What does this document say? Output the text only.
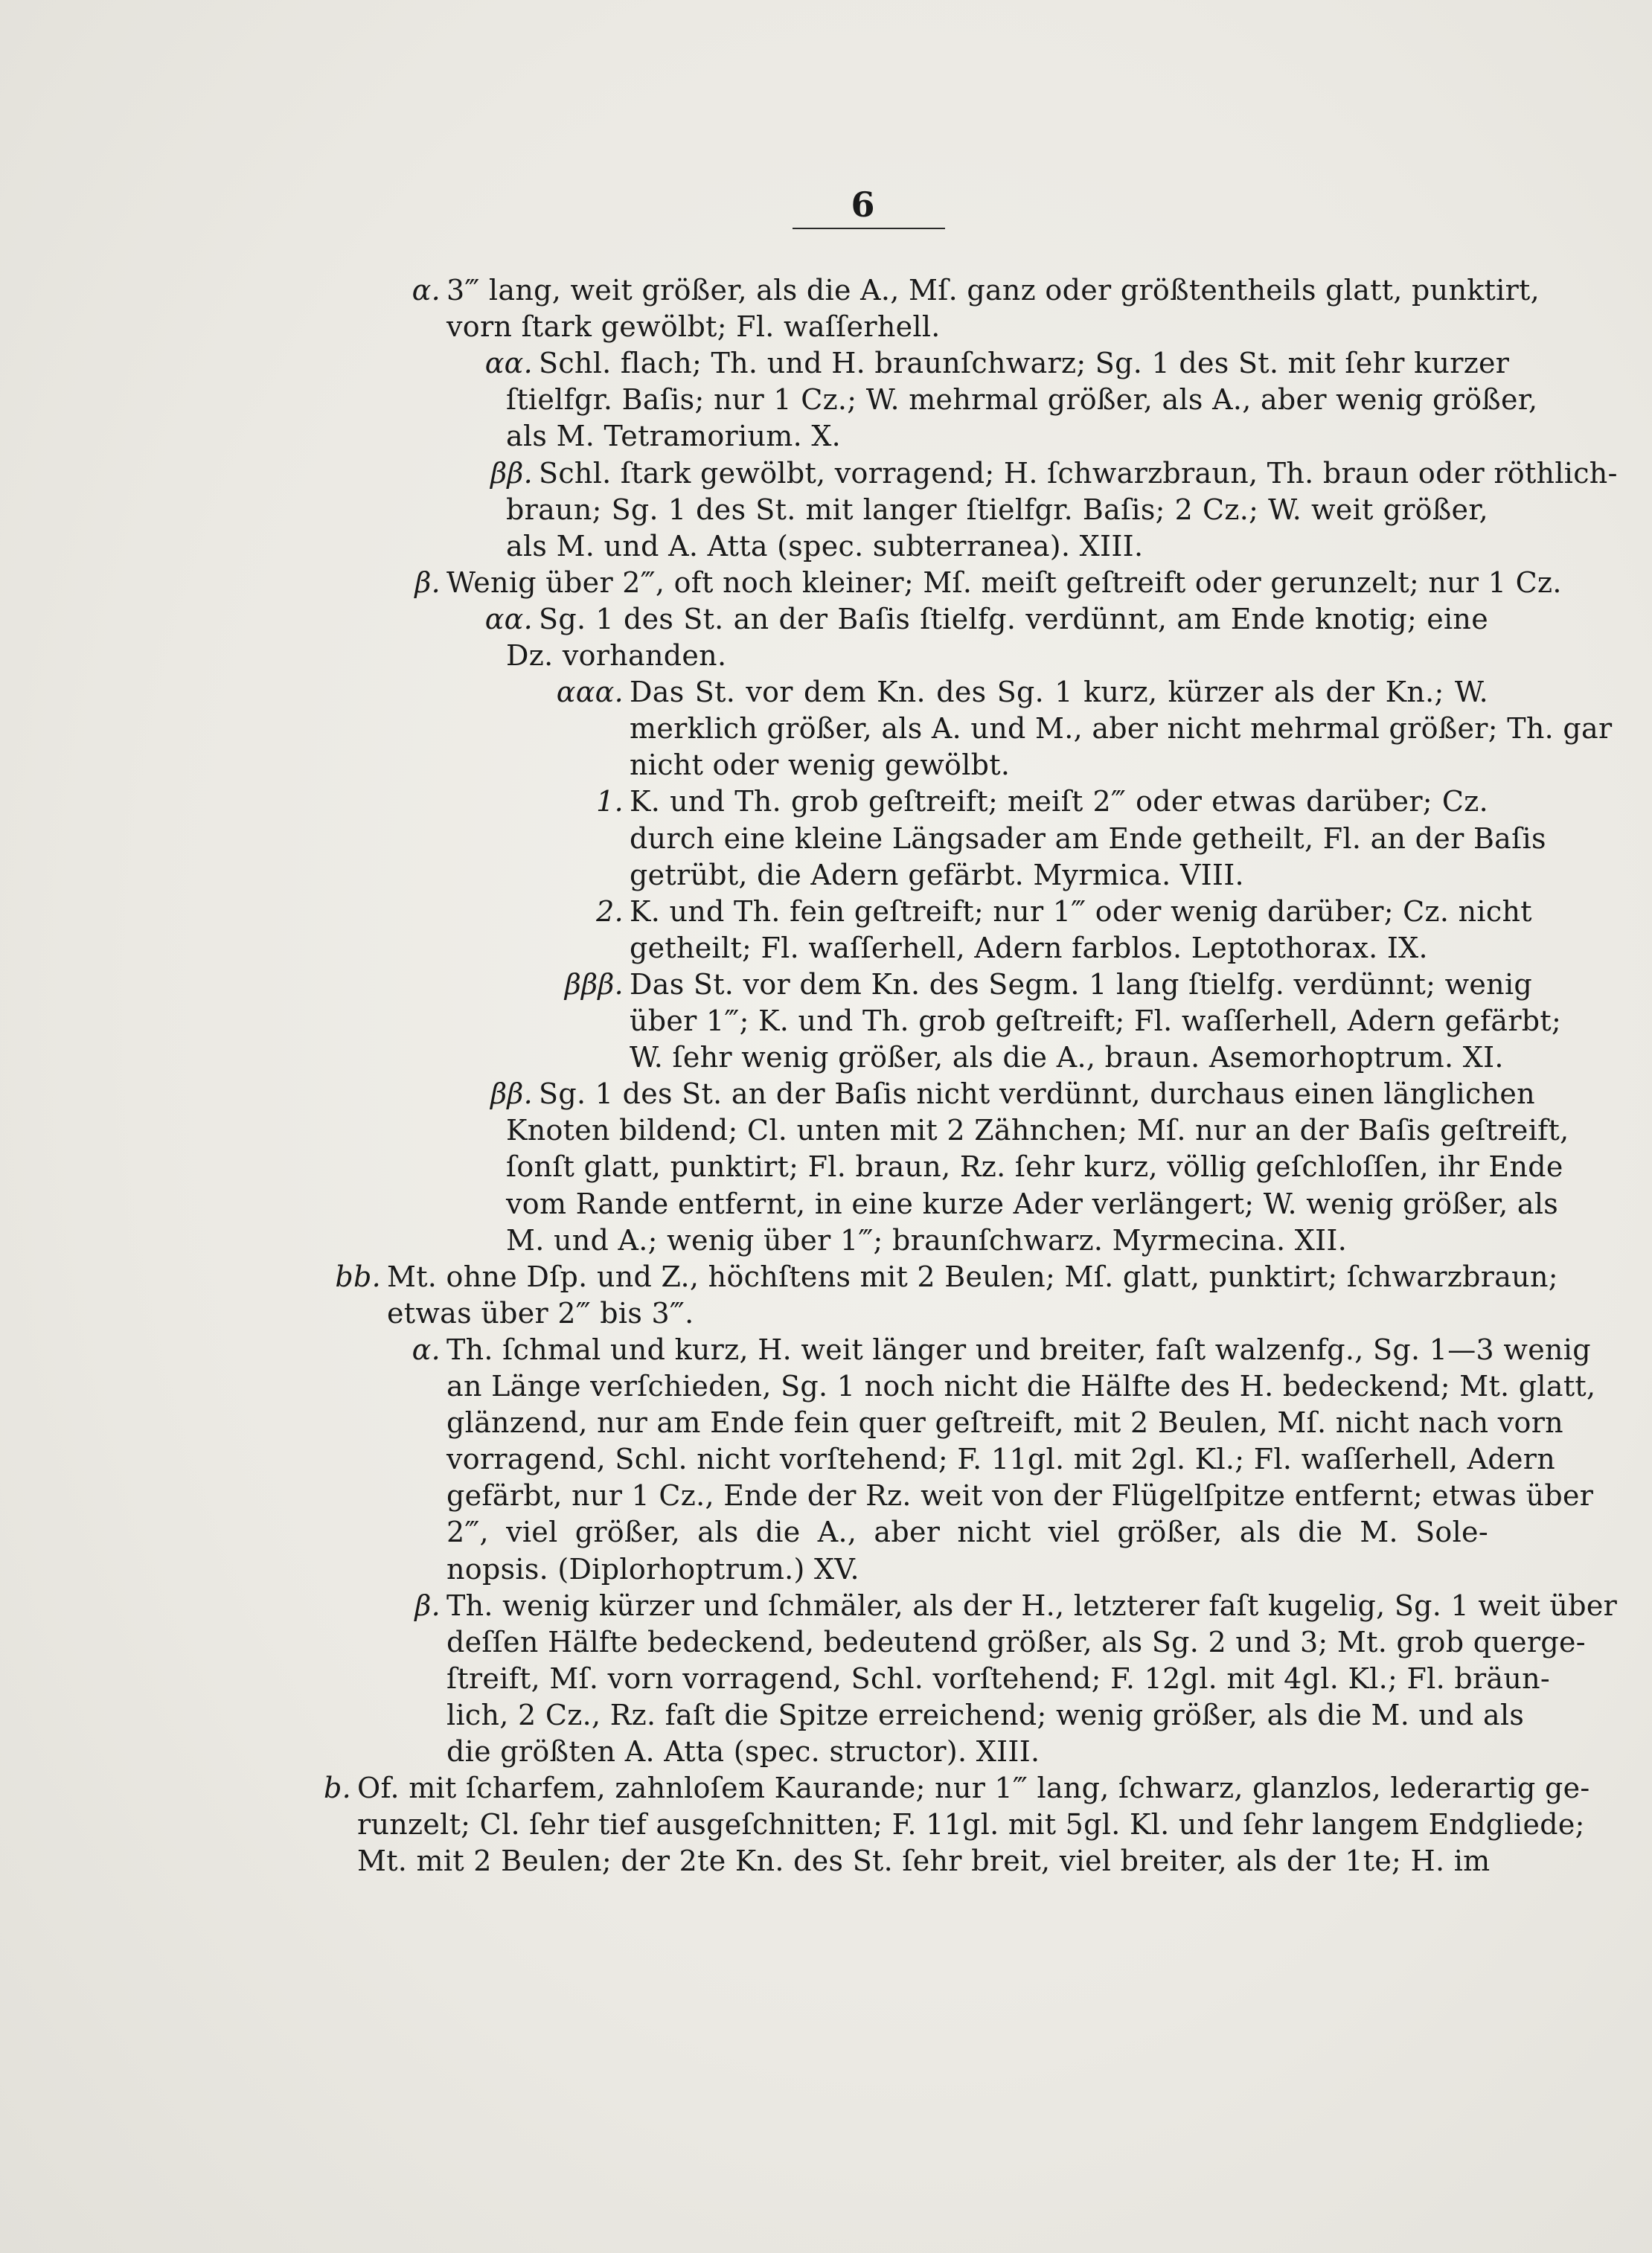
6
α. 3‴ lang, weit größer, als die A., Mſ. ganz oder größtentheils glatt, punktirt,
vorn ſtark gewölbt; Fl. waſſerhell.
αα. Schl. flach; Th. und H. braunſchwarz; Sg. 1 des St. mit ſehr kurzer
ſtielfgr. Baſis; nur 1 Cz.; W. mehrmal größer, als A., aber wenig größer,
als M. Tetramorium. X.
ββ. Schl. ſtark gewölbt, vorragend; H. ſchwarzbraun, Th. braun oder röthlich-
braun; Sg. 1 des St. mit langer ſtielfgr. Baſis; 2 Cz.; W. weit größer,
als M. und A. Atta (spec. subterranea). XIII.
β. Wenig über 2‴, oft noch kleiner; Mſ. meiſt geſtreift oder gerunzelt; nur 1 Cz.
αα. Sg. 1 des St. an der Baſis ſtielfg. verdünnt, am Ende knotig; eine
Dz. vorhanden.
ααα. Das St. vor dem Kn. des Sg. 1 kurz, kürzer als der Kn.; W.
merklich größer, als A. und M., aber nicht mehrmal größer; Th. gar
nicht oder wenig gewölbt.
1. K. und Th. grob geſtreift; meiſt 2‴ oder etwas darüber; Cz.
durch eine kleine Längsader am Ende getheilt, Fl. an der Baſis
getrübt, die Adern gefärbt. Myrmica. VIII.
2. K. und Th. fein geſtreift; nur 1‴ oder wenig darüber; Cz. nicht
getheilt; Fl. waſſerhell, Adern farblos. Leptothorax. IX.
βββ. Das St. vor dem Kn. des Segm. 1 lang ſtielfg. verdünnt; wenig
über 1‴; K. und Th. grob geſtreift; Fl. waſſerhell, Adern gefärbt;
W. ſehr wenig größer, als die A., braun. Asemorhoptrum. XI.
ββ. Sg. 1 des St. an der Baſis nicht verdünnt, durchaus einen länglichen
Knoten bildend; Cl. unten mit 2 Zähnchen; Mſ. nur an der Baſis geſtreift,
ſonſt glatt, punktirt; Fl. braun, Rz. ſehr kurz, völlig geſchloſſen, ihr Ende
vom Rande entfernt, in eine kurze Ader verlängert; W. wenig größer, als
M. und A.; wenig über 1‴; braunſchwarz. Myrmecina. XII.
bb. Mt. ohne Dſp. und Z., höchſtens mit 2 Beulen; Mſ. glatt, punktirt; ſchwarzbraun;
etwas über 2‴ bis 3‴.
α. Th. ſchmal und kurz, H. weit länger und breiter, faſt walzenfg., Sg. 1—3 wenig
an Länge verſchieden, Sg. 1 noch nicht die Hälfte des H. bedeckend; Mt. glatt,
glänzend, nur am Ende fein quer geſtreift, mit 2 Beulen, Mſ. nicht nach vorn
vorragend, Schl. nicht vorſtehend; F. 11gl. mit 2gl. Kl.; Fl. waſſerhell, Adern
gefärbt, nur 1 Cz., Ende der Rz. weit von der Flügelſpitze entfernt; etwas über
2‴, viel größer, als die A., aber nicht viel größer, als die M. Sole-
nopsis. (Diplorhoptrum.) XV.
β. Th. wenig kürzer und ſchmäler, als der H., letzterer faſt kugelig, Sg. 1 weit über
deſſen Hälfte bedeckend, bedeutend größer, als Sg. 2 und 3; Mt. grob querge-
ſtreift, Mſ. vorn vorragend, Schl. vorſtehend; F. 12gl. mit 4gl. Kl.; Fl. bräun-
lich, 2 Cz., Rz. faſt die Spitze erreichend; wenig größer, als die M. und als
die größten A. Atta (spec. structor). XIII.
b. Of. mit ſcharfem, zahnloſem Kaurande; nur 1‴ lang, ſchwarz, glanzlos, lederartig ge-
runzelt; Cl. ſehr tief ausgeſchnitten; F. 11gl. mit 5gl. Kl. und ſehr langem Endgliede;
Mt. mit 2 Beulen; der 2te Kn. des St. ſehr breit, viel breiter, als der 1te; H. im
